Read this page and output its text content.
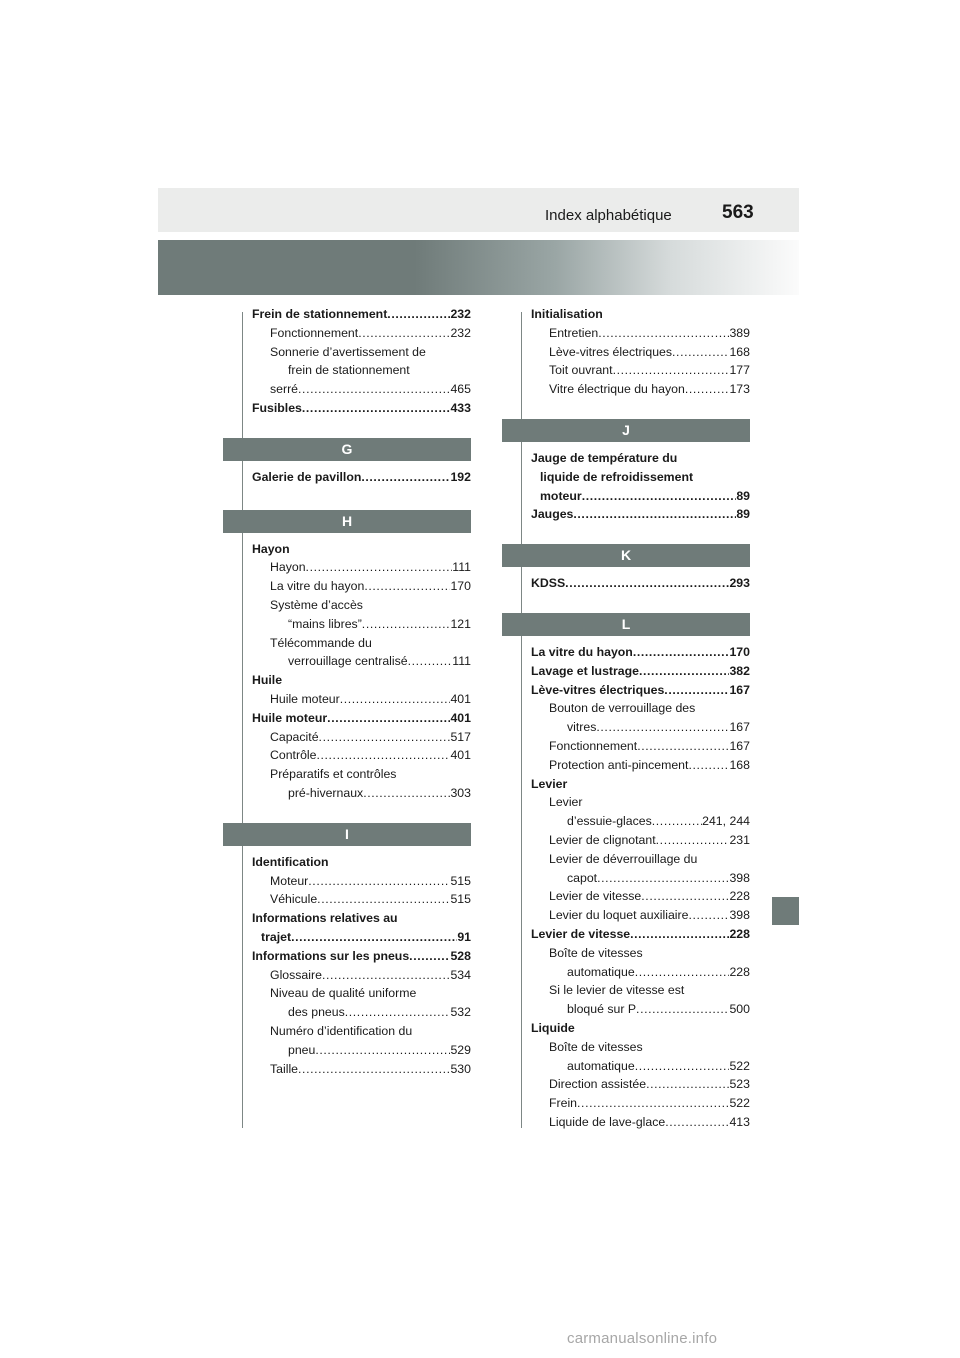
Index alphabétique	563
Frein de stationnement .....	232
Fonctionnement .....	232
Sonnerie d’avertissement de
frein de stationnement
serré .....	465
Fusibles .....	433
G
Galerie de pavillon .....	192
H
Hayon
Hayon .....	111
La vitre du hayon .....	170
Système d’accès
“mains libres” .....	121
Télécommande du
verrouillage centralisé .....	111
Huile
Huile moteur .....	401
Huile moteur .....	401
Capacité .....	517
Contrôle .....	401
Préparatifs et contrôles
pré-hivernaux .....	303
I
Identification
Moteur .....	515
Véhicule .....	515
Informations relatives au
trajet .....	91
Informations sur les pneus .....	528
Glossaire .....	534
Niveau de qualité uniforme
des pneus .....	532
Numéro d’identification du
pneu .....	529
Taille .....	530
Initialisation
Entretien .....	389
Lève-vitres électriques .....	168
Toit ouvrant .....	177
Vitre électrique du hayon .....	173
J
Jauge de température du
liquide de refroidissement
moteur .....	89
Jauges .....	89
K
KDSS .....	293
L
La vitre du hayon .....	170
Lavage et lustrage .....	382
Lève-vitres électriques .....	167
Bouton de verrouillage des
vitres .....	167
Fonctionnement .....	167
Protection anti-pincement .....	168
Levier
Levier
d’essuie-glaces .....	241, 244
Levier de clignotant .....	231
Levier de déverrouillage du
capot .....	398
Levier de vitesse .....	228
Levier du loquet auxiliaire .....	398
Levier de vitesse .....	228
Boîte de vitesses
automatique .....	228
Si le levier de vitesse est
bloqué sur P .....	500
Liquide
Boîte de vitesses
automatique .....	522
Direction assistée .....	523
Frein .....	522
Liquide de lave-glace .....	413
carmanualsonline.info
